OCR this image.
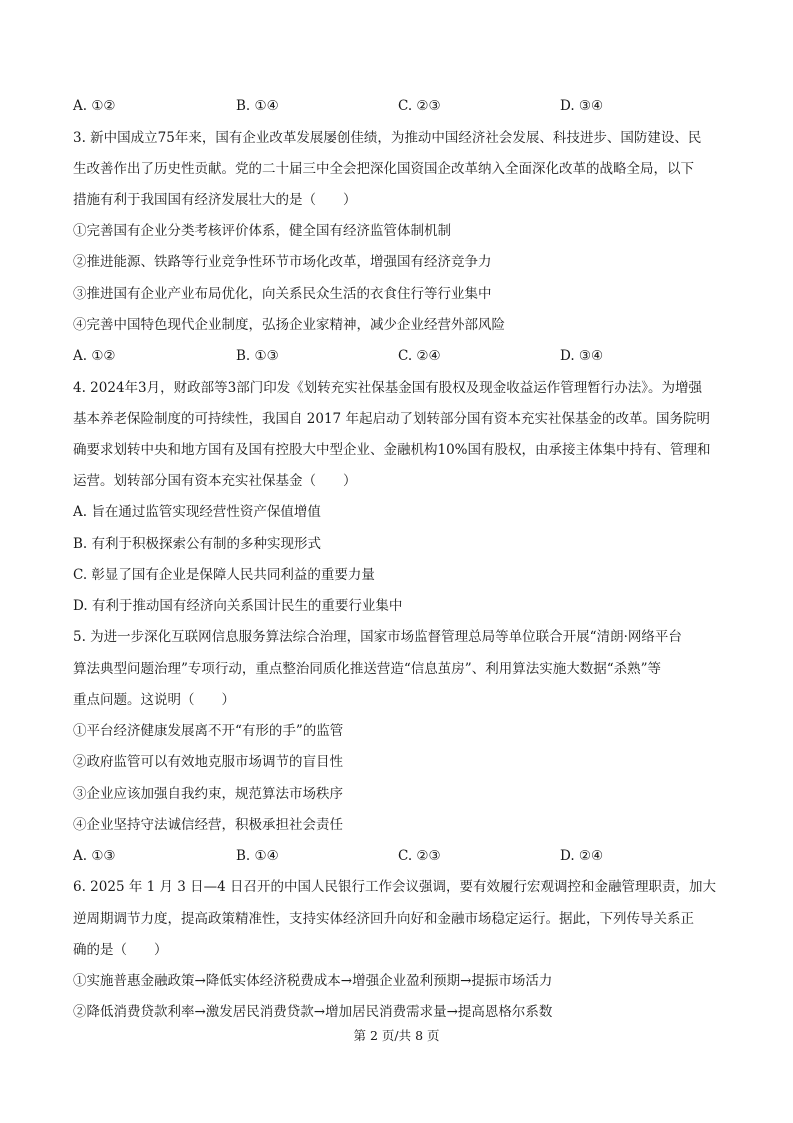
A. ①②	B. ①④	C. ②③	D. ③④
3. 新中国成立75年来，国有企业改革发展屡创佳绩，为推动中国经济社会发展、科技进步、国防建设、民
生改善作出了历史性贡献。党的二十届三中全会把深化国资国企改革纳入全面深化改革的战略全局，以下
措施有利于我国国有经济发展壮大的是（　　）
①完善国有企业分类考核评价体系，健全国有经济监管体制机制
②推进能源、铁路等行业竞争性环节市场化改革，增强国有经济竞争力
③推进国有企业产业布局优化，向关系民众生活的衣食住行等行业集中
④完善中国特色现代企业制度，弘扬企业家精神，减少企业经营外部风险
A. ①②	B. ①③	C. ②④	D. ③④
4. 2024年3月，财政部等3部门印发《划转充实社保基金国有股权及现金收益运作管理暂行办法》。为增强
基本养老保险制度的可持续性，我国自 2017 年起启动了划转部分国有资本充实社保基金的改革。国务院明
确要求划转中央和地方国有及国有控股大中型企业、金融机构10%国有股权，由承接主体集中持有、管理和
运营。划转部分国有资本充实社保基金（　　）
A. 旨在通过监管实现经营性资产保值增值
B. 有利于积极探索公有制的多种实现形式
C. 彰显了国有企业是保障人民共同利益的重要力量
D. 有利于推动国有经济向关系国计民生的重要行业集中
5. 为进一步深化互联网信息服务算法综合治理，国家市场监督管理总局等单位联合开展“清朗·网络平台
算法典型问题治理”专项行动，重点整治同质化推送营造“信息茧房”、利用算法实施大数据“杀熟”等
重点问题。这说明（　　）
①平台经济健康发展离不开“有形的手”的监管
②政府监管可以有效地克服市场调节的盲目性
③企业应该加强自我约束，规范算法市场秩序
④企业坚持守法诚信经营，积极承担社会责任
A. ①③	B. ①④	C. ②③	D. ②④
6. 2025 年 1 月 3 日—4 日召开的中国人民银行工作会议强调，要有效履行宏观调控和金融管理职责，加大
逆周期调节力度，提高政策精准性，支持实体经济回升向好和金融市场稳定运行。据此，下列传导关系正
确的是（　　）
①实施普惠金融政策→降低实体经济税费成本→增强企业盈利预期→提振市场活力
②降低消费贷款利率→激发居民消费贷款→增加居民消费需求量→提高恩格尔系数
第 2 页/共 8 页
